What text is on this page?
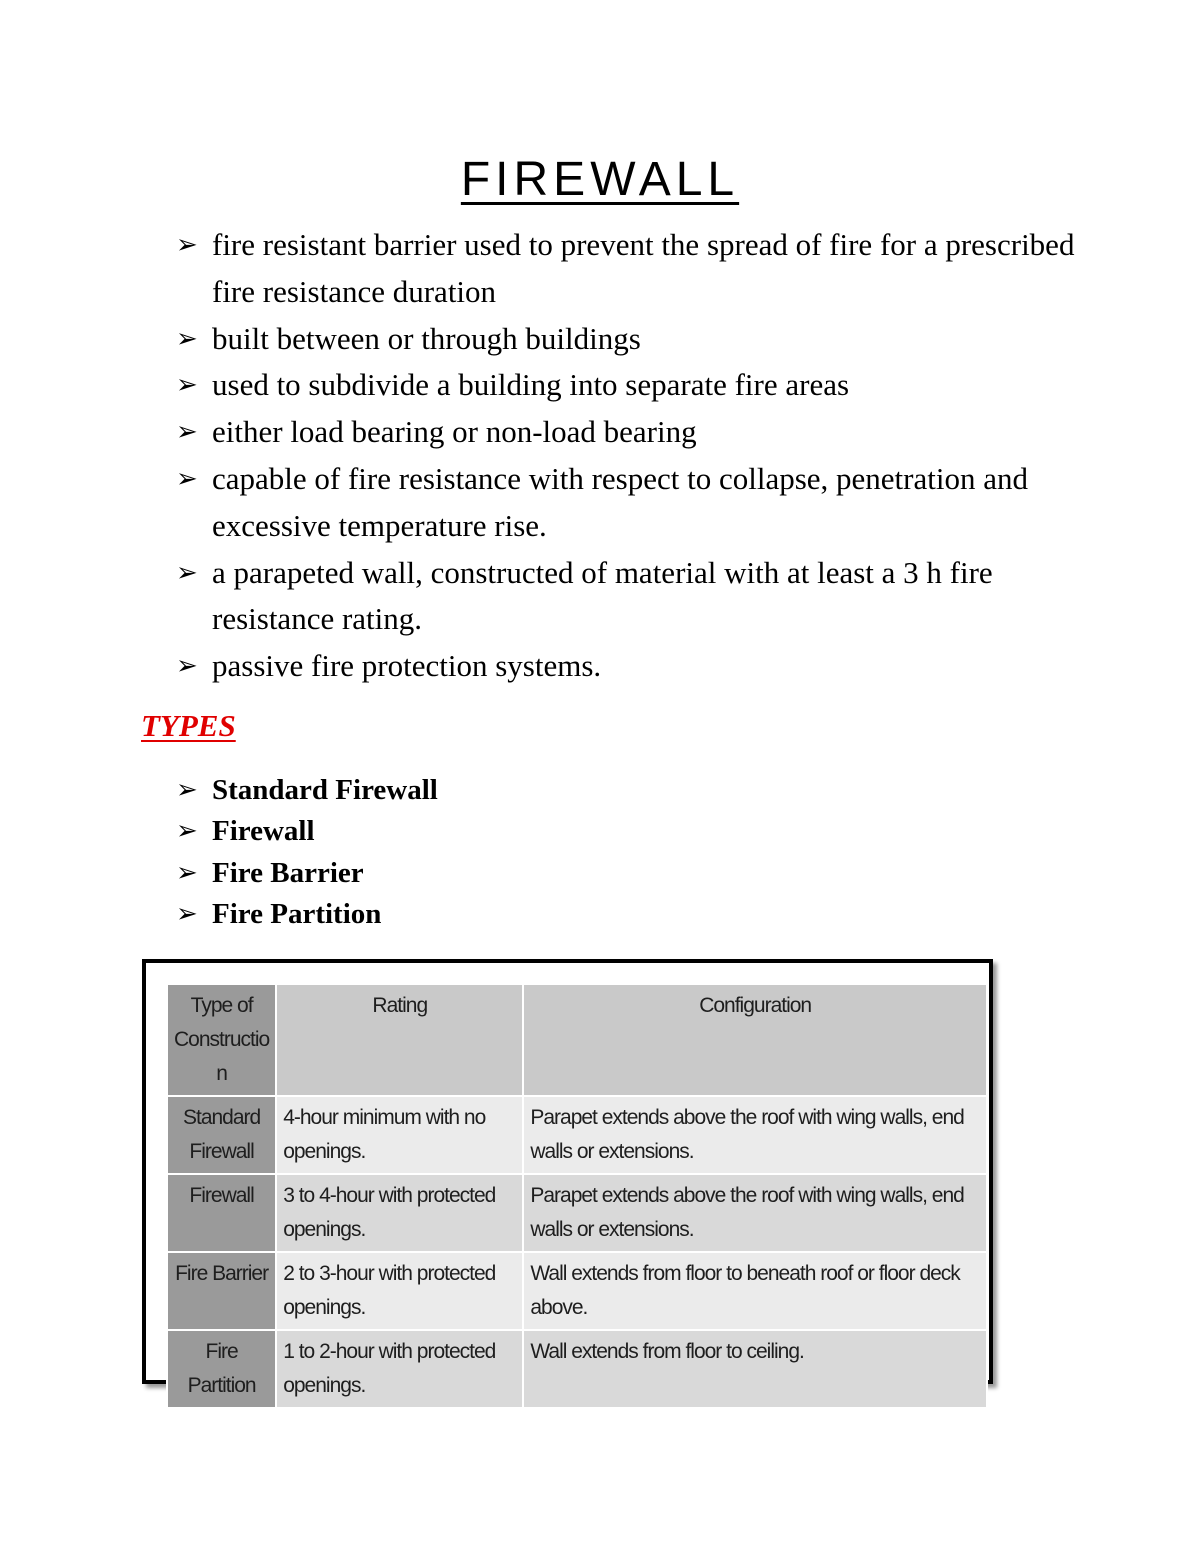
FIREWALL
➢ fire resistant barrier used to prevent the spread of fire for a prescribed fire resistance duration
➢ built between or through buildings
➢ used to subdivide a building into separate fire areas
➢ either load bearing or non-load bearing
➢ capable of fire resistance with respect to collapse, penetration and excessive temperature rise.
➢ a parapeted wall, constructed of material with at least a 3 h fire resistance rating.
➢ passive fire protection systems.
TYPES
➢ Standard Firewall
➢ Firewall
➢ Fire Barrier
➢ Fire Partition
Type of Constructio n	Rating	Configuration
Standard Firewall	4-hour minimum with no openings.	Parapet extends above the roof with wing walls, end walls or extensions.
Firewall	3 to 4-hour with protected openings.	Parapet extends above the roof with wing walls, end walls or extensions.
Fire Barrier	2 to 3-hour with protected openings.	Wall extends from floor to beneath roof or floor deck above.
Fire Partition	1 to 2-hour with protected openings.	Wall extends from floor to ceiling.
